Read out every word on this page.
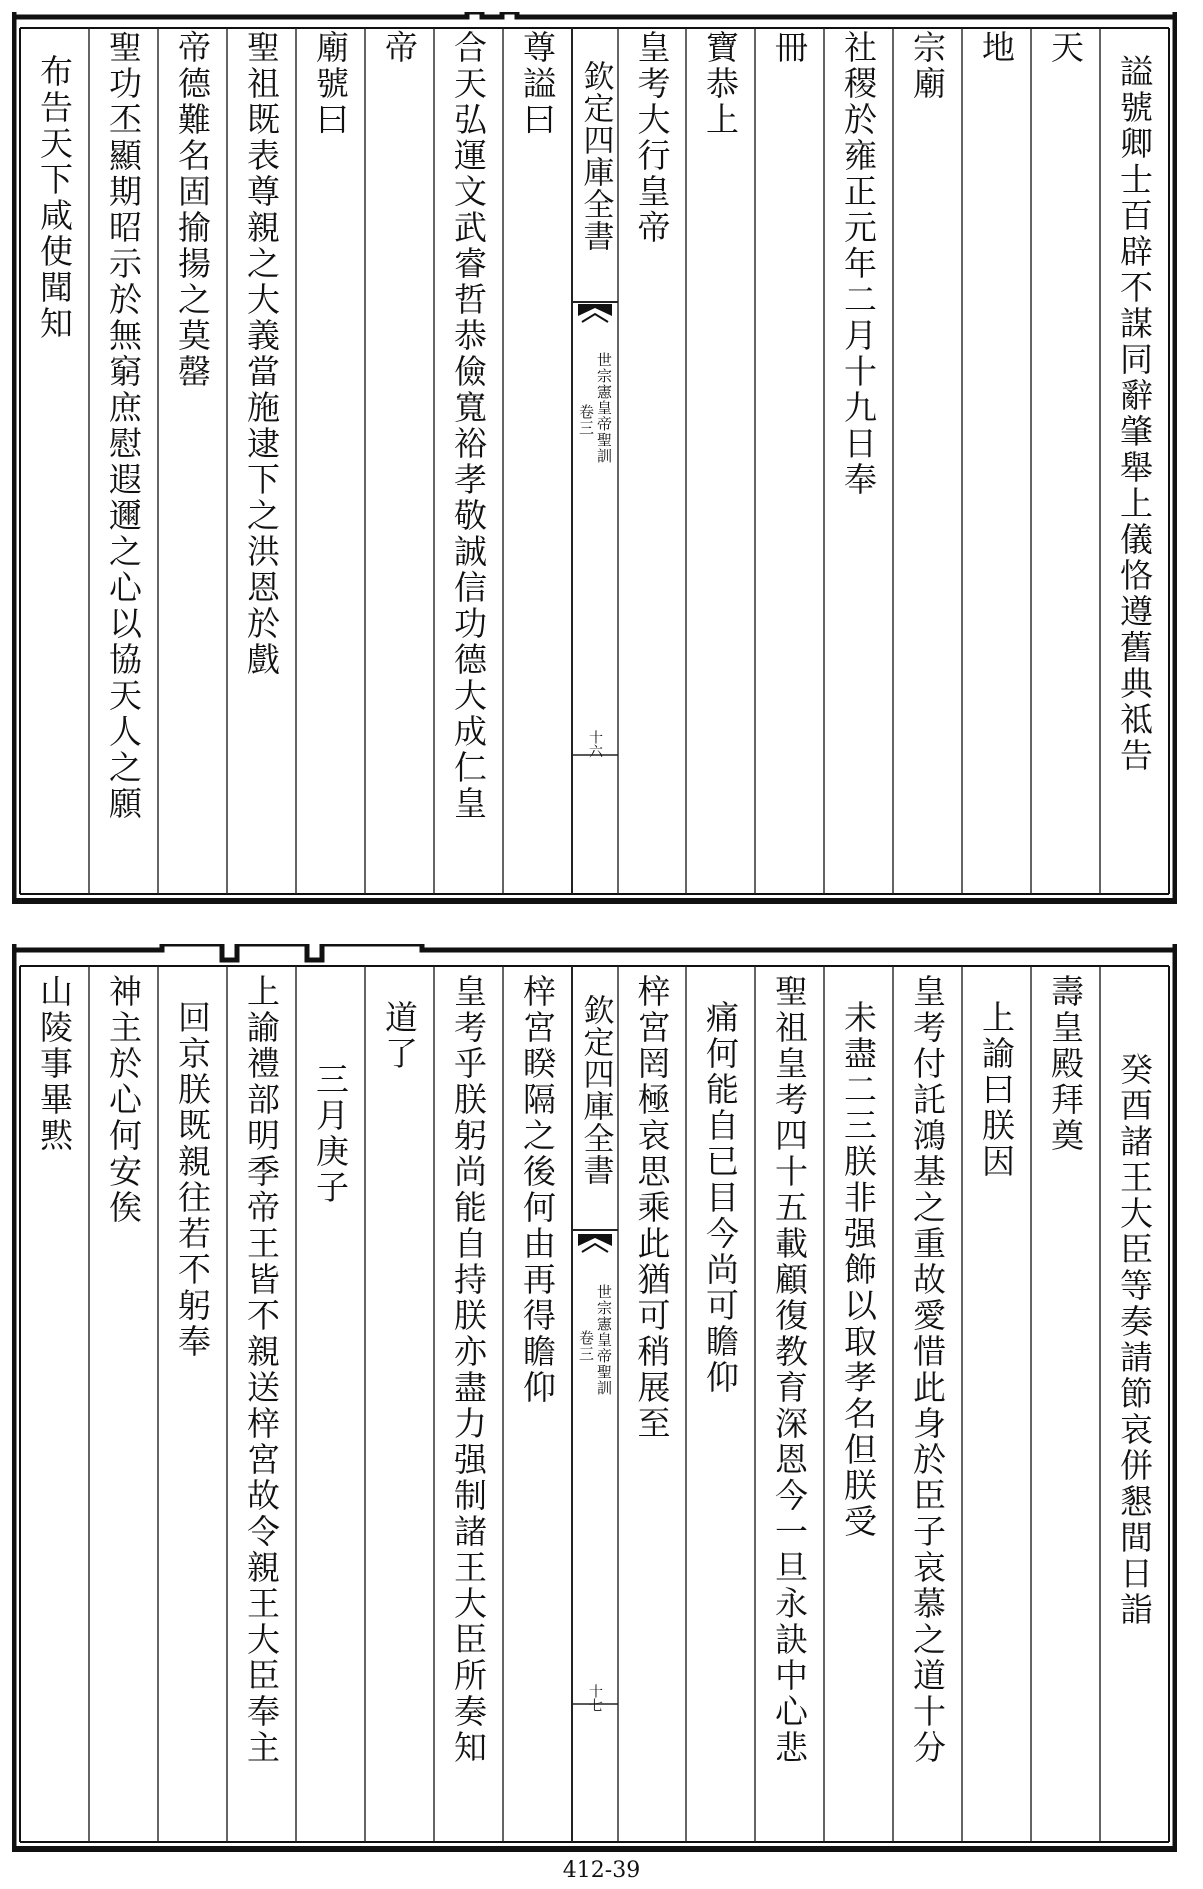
謚號卿士百辟不謀同辭肇舉上儀恪遵舊典祗告
天
地
宗廟
社稷於雍正元年二月十九日奉
冊
寶恭上
皇考大行皇帝
欽定四庫全書
世宗憲皇帝聖訓
卷三
十六
尊謚曰
合天弘運文武睿哲恭儉寬裕孝敬誠信功德大成仁皇
帝
廟號曰
聖祖既表尊親之大義當施逮下之洪恩於戲
帝德難名固揄揚之莫罄
聖功丕顯期昭示於無窮庶慰遐邇之心以協天人之願
布告天下咸使聞知
癸酉諸王大臣等奏請節哀併懇間日詣
壽皇殿拜奠
上諭曰朕因
皇考付託鴻基之重故愛惜此身於臣子哀慕之道十分
未盡二三朕非强飾以取孝名但朕受
聖祖皇考四十五載顧復教育深恩今一旦永訣中心悲
痛何能自已目今尚可瞻仰
梓宮罔極哀思乘此猶可稍展至
欽定四庫全書
世宗憲皇帝聖訓
卷三
十七
梓宮睽隔之後何由再得瞻仰
皇考乎朕躬尚能自持朕亦盡力强制諸王大臣所奏知
道了
三月庚子
上諭禮部明季帝王皆不親送梓宮故令親王大臣奉主
回京朕既親往若不躬奉
神主於心何安俟
山陵事畢黙
412-39
